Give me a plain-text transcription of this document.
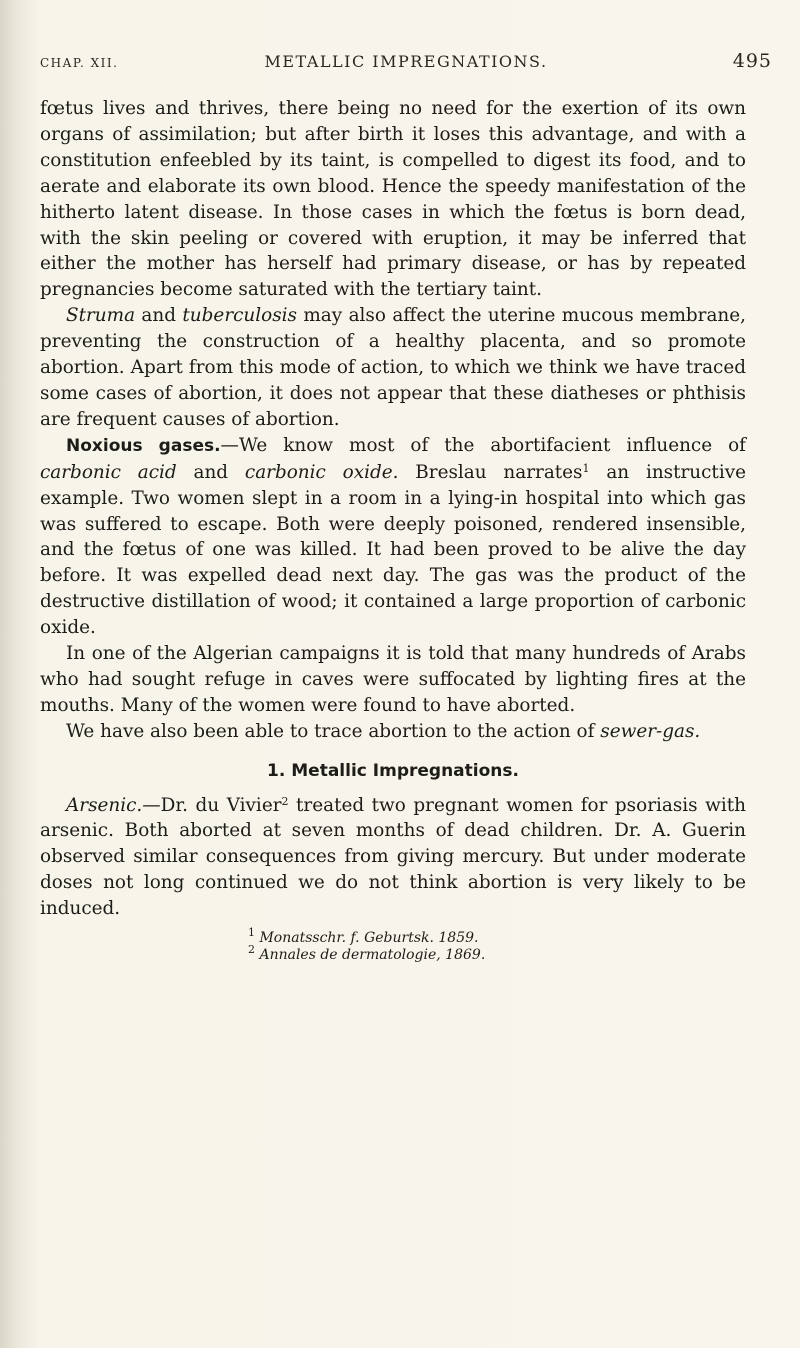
CHAP. XII.	METALLIC IMPREGNATIONS.	495

fœtus lives and thrives, there being no need for the exertion of its own organs of assimilation; but after birth it loses this advantage, and with a constitution enfeebled by its taint, is compelled to digest its food, and to aerate and elaborate its own blood. Hence the speedy manifestation of the hitherto latent disease. In those cases in which the fœtus is born dead, with the skin peeling or covered with eruption, it may be inferred that either the mother has herself had primary disease, or has by repeated pregnancies become saturated with the tertiary taint.

Struma and tuberculosis may also affect the uterine mucous membrane, preventing the construction of a healthy placenta, and so promote abortion. Apart from this mode of action, to which we think we have traced some cases of abortion, it does not appear that these diatheses or phthisis are frequent causes of abortion.

Noxious gases.—We know most of the abortifacient influence of carbonic acid and carbonic oxide. Breslau narrates$^1$ an instructive example. Two women slept in a room in a lying-in hospital into which gas was suffered to escape. Both were deeply poisoned, rendered insensible, and the fœtus of one was killed. It had been proved to be alive the day before. It was expelled dead next day. The gas was the product of the destructive distillation of wood; it contained a large proportion of carbonic oxide.

In one of the Algerian campaigns it is told that many hundreds of Arabs who had sought refuge in caves were suffocated by lighting fires at the mouths. Many of the women were found to have aborted.

We have also been able to trace abortion to the action of sewer-gas.

1. Metallic Impregnations.

Arsenic.—Dr. du Vivier$^2$ treated two pregnant women for psoriasis with arsenic. Both aborted at seven months of dead children. Dr. A. Guerin observed similar consequences from giving mercury. But under moderate doses not long continued we do not think abortion is very likely to be induced.

$^1$ Monatsschr. f. Geburtsk. 1859.
$^2$ Annales de dermatologie, 1869.
